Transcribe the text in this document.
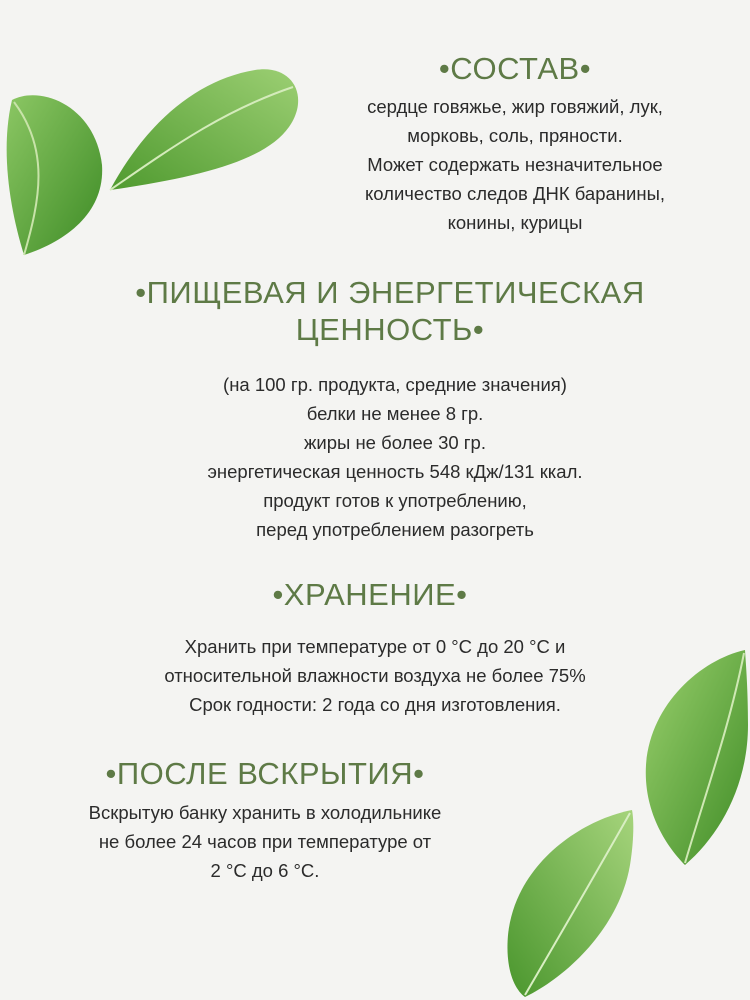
•СОСТАВ•
сердце говяжье, жир говяжий, лук,
морковь, соль, пряности.
Может содержать незначительное
количество следов ДНК баранины,
конины, курицы
•ПИЩЕВАЯ И ЭНЕРГЕТИЧЕСКАЯ
ЦЕННОСТЬ•
(на 100 гр. продукта, средние значения)
белки не менее 8 гр.
жиры не более 30 гр.
энергетическая ценность 548 кДж/131 ккал.
продукт готов к употреблению,
перед употреблением разогреть
•ХРАНЕНИЕ•
Хранить при температуре от 0 °С до 20 °С и
относительной влажности воздуха не более 75%
Срок годности: 2 года со дня изготовления.
•ПОСЛЕ ВСКРЫТИЯ•
Вскрытую банку хранить в холодильнике
не более 24 часов при температуре от
2 °С до 6 °С.
